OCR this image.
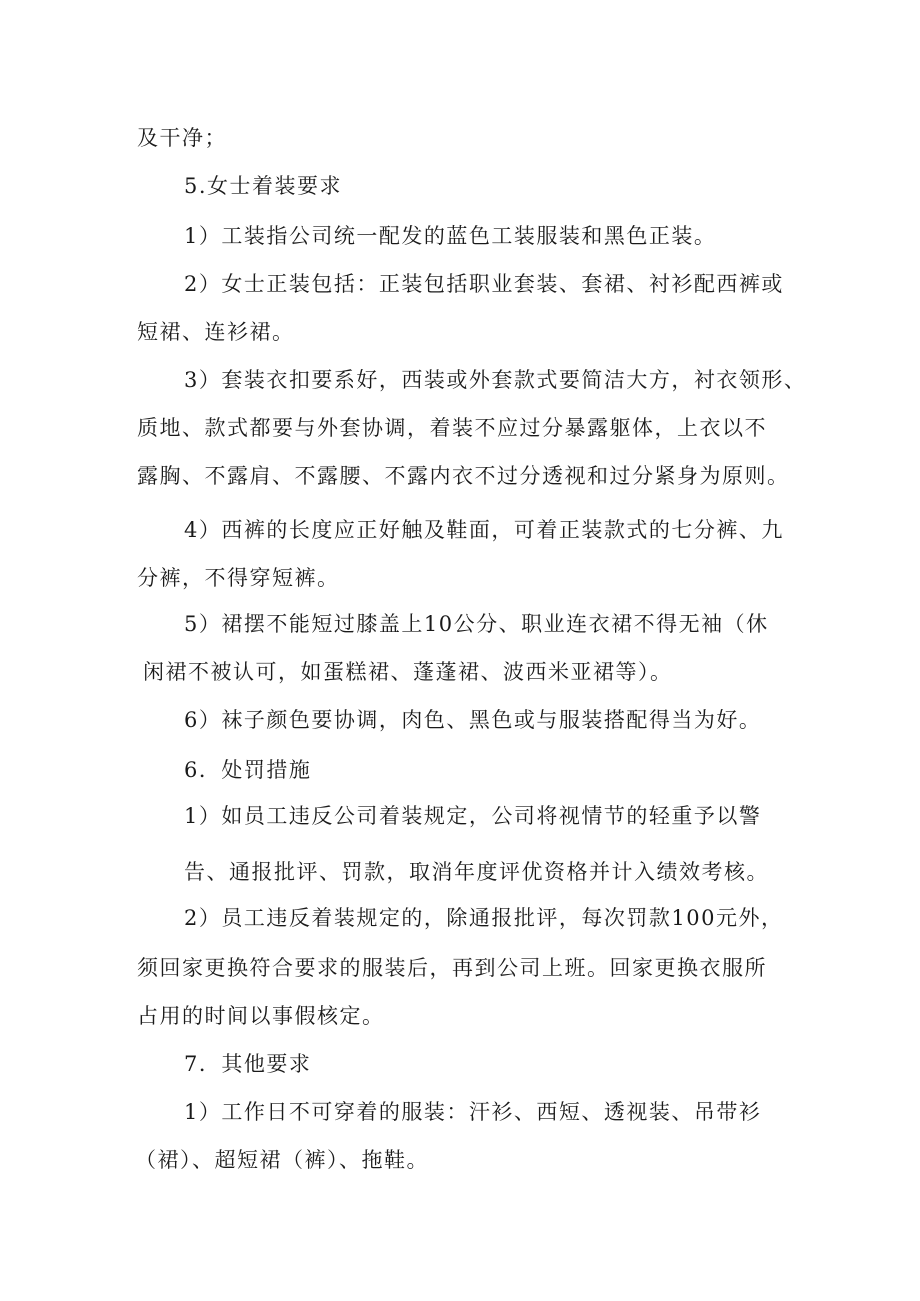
及干净；
5.女士着装要求
1）工装指公司统一配发的蓝色工装服装和黑色正装。
2）女士正装包括：正装包括职业套装、套裙、衬衫配西裤或
短裙、连衫裙。
3）套装衣扣要系好，西装或外套款式要简洁大方，衬衣领形、
质地、款式都要与外套协调，着装不应过分暴露躯体，上衣以不
露胸、不露肩、不露腰、不露内衣不过分透视和过分紧身为原则。
4）西裤的长度应正好触及鞋面，可着正装款式的七分裤、九
分裤，不得穿短裤。
5）裙摆不能短过膝盖上10公分、职业连衣裙不得无袖（休
闲裙不被认可，如蛋糕裙、蓬蓬裙、波西米亚裙等）。
6）袜子颜色要协调，肉色、黑色或与服装搭配得当为好。
6．处罚措施
1）如员工违反公司着装规定，公司将视情节的轻重予以警
告、通报批评、罚款，取消年度评优资格并计入绩效考核。
2）员工违反着装规定的，除通报批评，每次罚款100元外，
须回家更换符合要求的服装后，再到公司上班。回家更换衣服所
占用的时间以事假核定。
7．其他要求
1）工作日不可穿着的服装：汗衫、西短、透视装、吊带衫
（裙）、超短裙（裤）、拖鞋。
